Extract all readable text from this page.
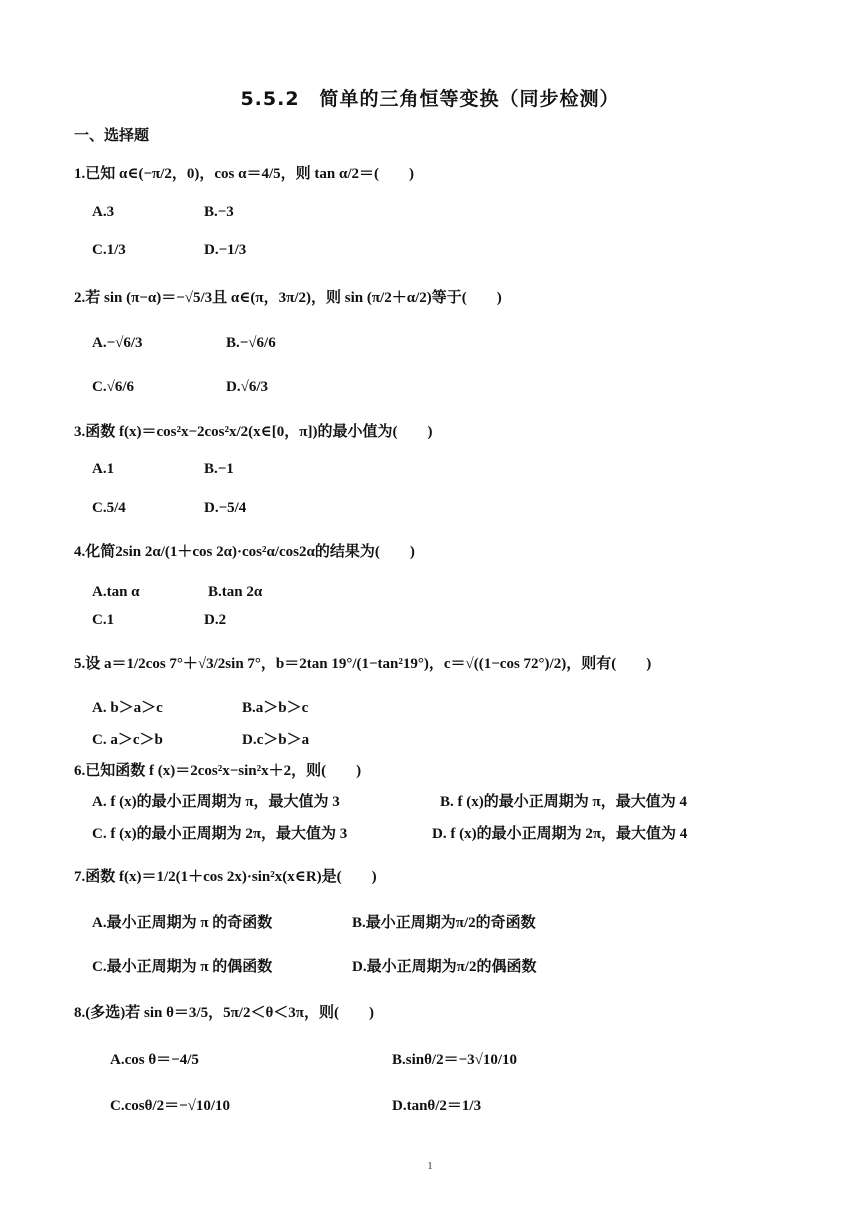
5.5.2　简单的三角恒等变换（同步检测）
一、选择题
1.已知 α∈(−π/2，0)，cos α＝4/5，则 tan α/2＝(　　)
A.3	B.−3
C.1/3	D.−1/3
2.若 sin (π−α)＝−√5/3且 α∈(π，3π/2)，则 sin (π/2＋α/2)等于(　　)
A.−√6/3	B.−√6/6
C.√6/6	D.√6/3
3.函数 f(x)＝cos²x−2cos²x/2(x∈[0，π])的最小值为(　　)
A.1	B.−1
C.5/4	D.−5/4
4.化简2sin 2α/(1＋cos 2α)·cos²α/cos2α的结果为(　　)
A.tan α	B.tan 2α
C.1	D.2
5.设 a＝1/2cos 7°＋√3/2sin 7°，b＝2tan 19°/(1−tan²19°)，c＝√((1−cos 72°)/2)，则有(　　)
A. b＞a＞c	B.a＞b＞c
C. a＞c＞b	D.c＞b＞a
6.已知函数 f (x)＝2cos²x−sin²x＋2，则(　　)
A. f (x)的最小正周期为 π，最大值为 3	B. f (x)的最小正周期为 π，最大值为 4
C. f (x)的最小正周期为 2π，最大值为 3	D. f (x)的最小正周期为 2π，最大值为 4
7.函数 f(x)＝1/2(1＋cos 2x)·sin²x(x∈R)是(　　)
A.最小正周期为 π 的奇函数	B.最小正周期为π/2的奇函数
C.最小正周期为 π 的偶函数	D.最小正周期为π/2的偶函数
8.(多选)若 sin θ＝3/5，5π/2＜θ＜3π，则(　　)
A.cos θ＝−4/5	B.sinθ/2＝−3√10/10
C.cosθ/2＝−√10/10	D.tanθ/2＝1/3
1
